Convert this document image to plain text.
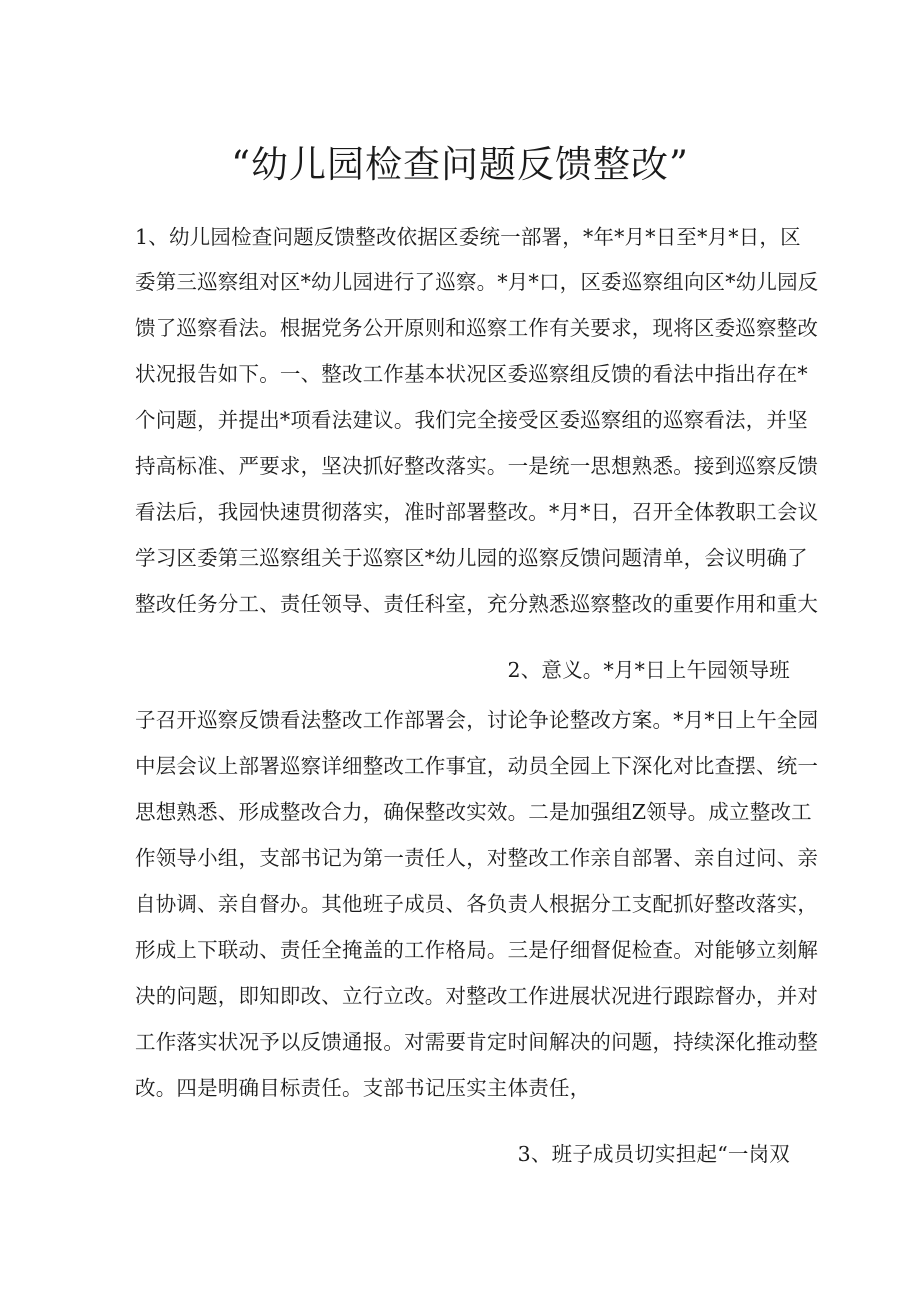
“幼儿园检查问题反馈整改”
1、幼儿园检查问题反馈整改依据区委统一部署，*年*月*日至*月*日，区
委第三巡察组对区*幼儿园进行了巡察。*月*口，区委巡察组向区*幼儿园反
馈了巡察看法。根据党务公开原则和巡察工作有关要求，现将区委巡察整改
状况报告如下。一、整改工作基本状况区委巡察组反馈的看法中指出存在*
个问题，并提出*项看法建议。我们完全接受区委巡察组的巡察看法，并坚
持高标准、严要求，坚决抓好整改落实。一是统一思想熟悉。接到巡察反馈
看法后，我园快速贯彻落实，准时部署整改。*月*日，召开全体教职工会议
学习区委第三巡察组关于巡察区*幼儿园的巡察反馈问题清单，会议明确了
整改任务分工、责任领导、责任科室，充分熟悉巡察整改的重要作用和重大
2、意义。*月*日上午园领导班
子召开巡察反馈看法整改工作部署会，讨论争论整改方案。*月*日上午全园
中层会议上部署巡察详细整改工作事宜，动员全园上下深化对比查摆、统一
思想熟悉、形成整改合力，确保整改实效。二是加强组Z领导。成立整改工
作领导小组，支部书记为第一责任人，对整改工作亲自部署、亲自过问、亲
自协调、亲自督办。其他班子成员、各负责人根据分工支配抓好整改落实，
形成上下联动、责任全掩盖的工作格局。三是仔细督促检查。对能够立刻解
决的问题，即知即改、立行立改。对整改工作进展状况进行跟踪督办，并对
工作落实状况予以反馈通报。对需要肯定时间解决的问题，持续深化推动整
改。四是明确目标责任。支部书记压实主体责任，
3、班子成员切实担起“一岗双
